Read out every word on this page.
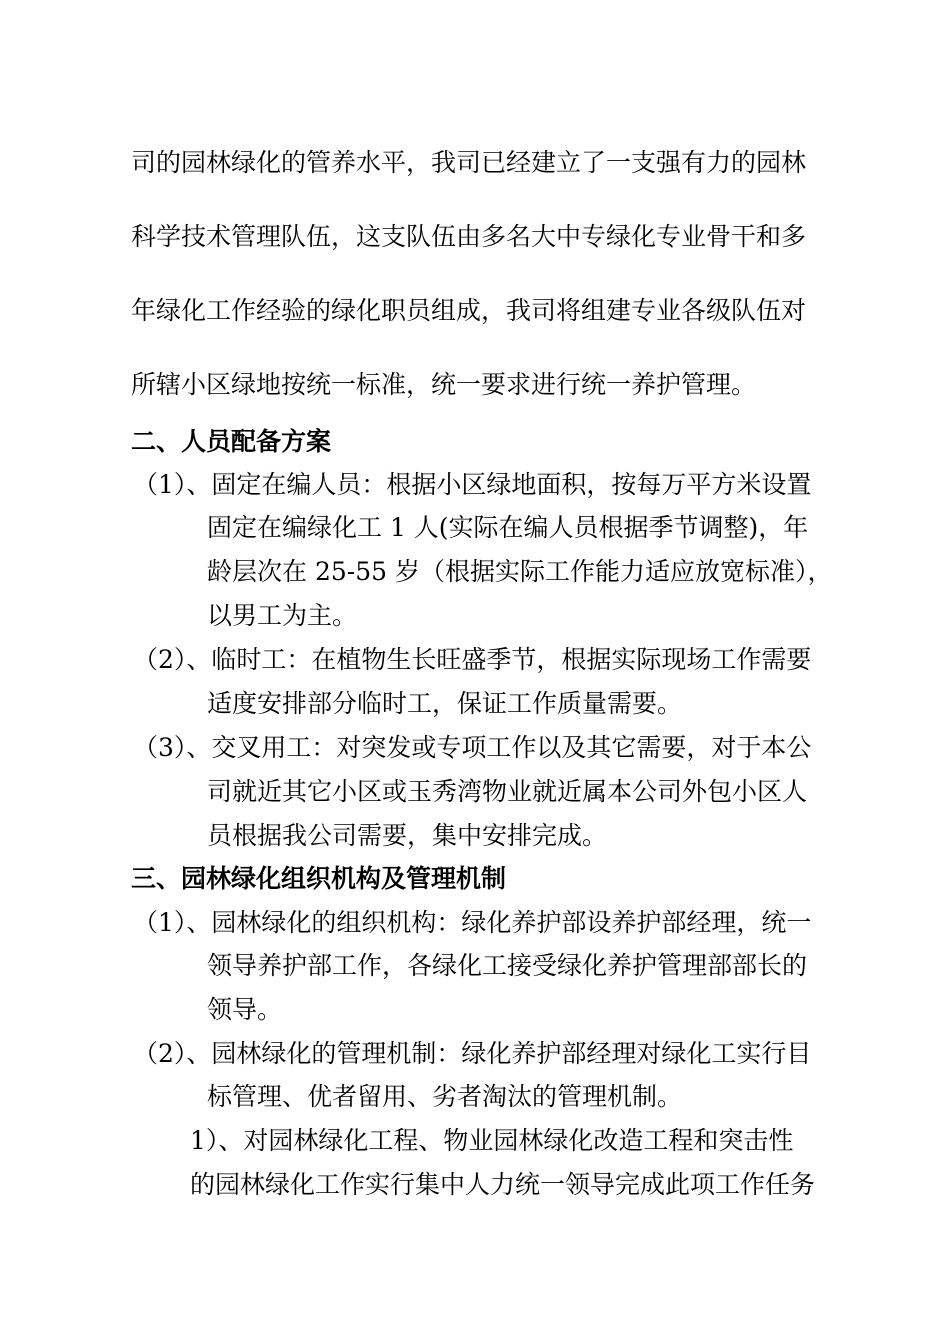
司的园林绿化的管养水平，我司已经建立了一支强有力的园林

科学技术管理队伍，这支队伍由多名大中专绿化专业骨干和多

年绿化工作经验的绿化职员组成，我司将组建专业各级队伍对

所辖小区绿地按统一标准，统一要求进行统一养护管理。

二、人员配备方案

（1）、固定在编人员：根据小区绿地面积，按每万平方米设置

固定在编绿化工 1 人(实际在编人员根据季节调整)，年

龄层次在 25-55 岁（根据实际工作能力适应放宽标准），

以男工为主。

（2）、临时工：在植物生长旺盛季节，根据实际现场工作需要

适度安排部分临时工，保证工作质量需要。

（3）、交叉用工：对突发或专项工作以及其它需要，对于本公

司就近其它小区或玉秀湾物业就近属本公司外包小区人

员根据我公司需要，集中安排完成。

三、园林绿化组织机构及管理机制

（1）、园林绿化的组织机构：绿化养护部设养护部经理，统一

领导养护部工作，各绿化工接受绿化养护管理部部长的

领导。

（2）、园林绿化的管理机制：绿化养护部经理对绿化工实行目

标管理、优者留用、劣者淘汰的管理机制。

1）、对园林绿化工程、物业园林绿化改造工程和突击性

的园林绿化工作实行集中人力统一领导完成此项工作任务
